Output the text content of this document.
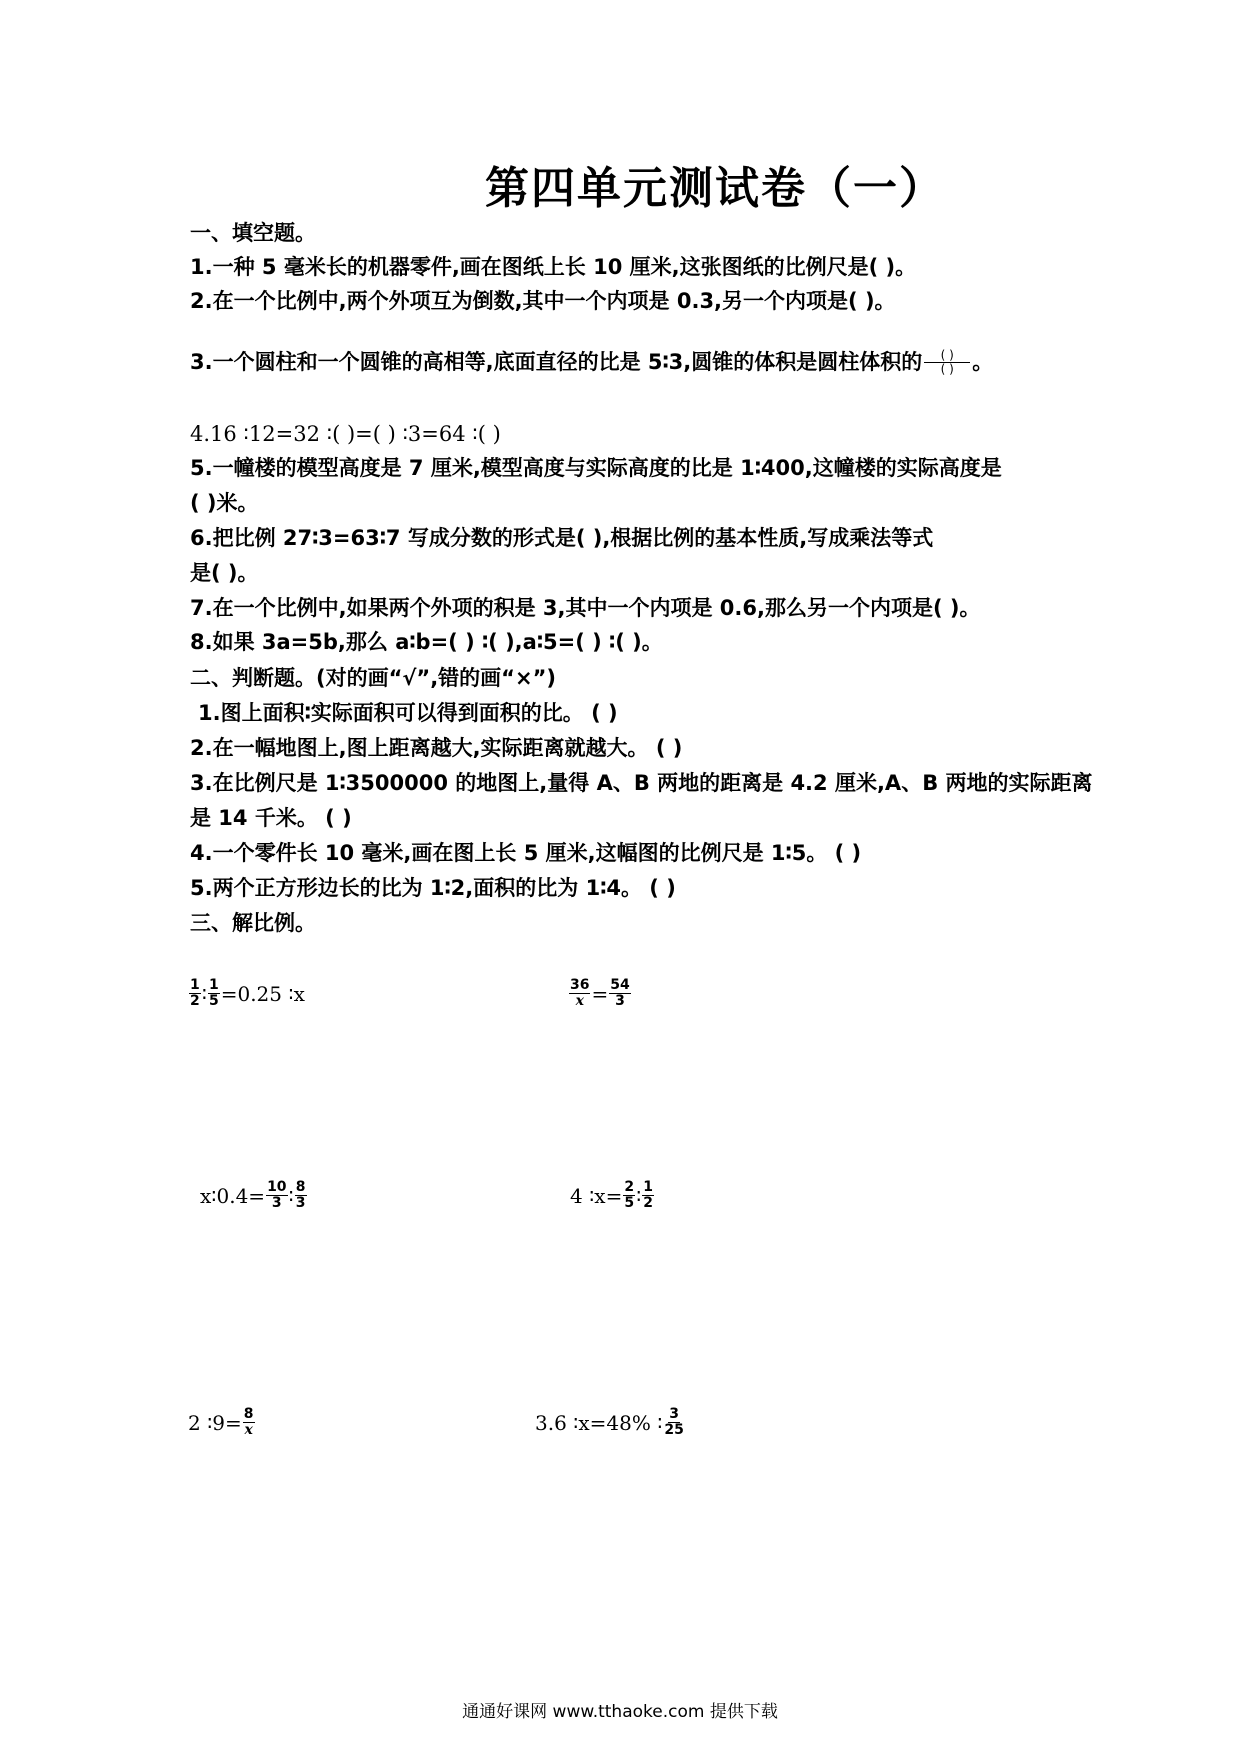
第四单元测试卷（一）
一、填空题。
1.一种 5 毫米长的机器零件,画在图纸上长 10 厘米,这张图纸的比例尺是( )。
2.在一个比例中,两个外项互为倒数,其中一个内项是 0.3,另一个内项是( )。
3.一个圆柱和一个圆锥的高相等,底面直径的比是 5∶3,圆锥的体积是圆柱体积的 $\frac{( )}{( )}$ 。
4.16 ∶12=32 ∶( )=( ) ∶3=64 ∶( )
5.一幢楼的模型高度是 7 厘米,模型高度与实际高度的比是 1∶400,这幢楼的实际高度是
( )米。
6.把比例 27∶3=63∶7 写成分数的形式是( ),根据比例的基本性质,写成乘法等式
是( )。
7.在一个比例中,如果两个外项的积是 3,其中一个内项是 0.6,那么另一个内项是( )。
8.如果 3a=5b,那么 a∶b=( ) ∶( ),a∶5=( ) ∶( )。
二、判断题。(对的画“√”,错的画“×”)
1.图上面积∶实际面积可以得到面积的比。 ( )
2.在一幅地图上,图上距离越大,实际距离就越大。 ( )
3.在比例尺是 1∶3500000 的地图上,量得 A、B 两地的距离是 4.2 厘米,A、B 两地的实际距离
是 14 千米。 ( )
4.一个零件长 10 毫米,画在图上长 5 厘米,这幅图的比例尺是 1∶5。 ( )
5.两个正方形边长的比为 1∶2,面积的比为 1∶4。 ( )
三、解比例。
$\frac{1}{2}$ ∶ $\frac{1}{5} =0.25$ ∶x	$\frac{36}{x} = \frac{54}{3}$
x∶0.4= $\frac{10}{3}$ ∶ $\frac{8}{3}$	4 ∶x= $\frac{2}{5}$ ∶ $\frac{1}{2}$
2 ∶9= $\frac{8}{x}$	3.6 ∶x=48% ∶ $\frac{3}{25}$
通通好课网 www.tthaoke.com 提供下载
